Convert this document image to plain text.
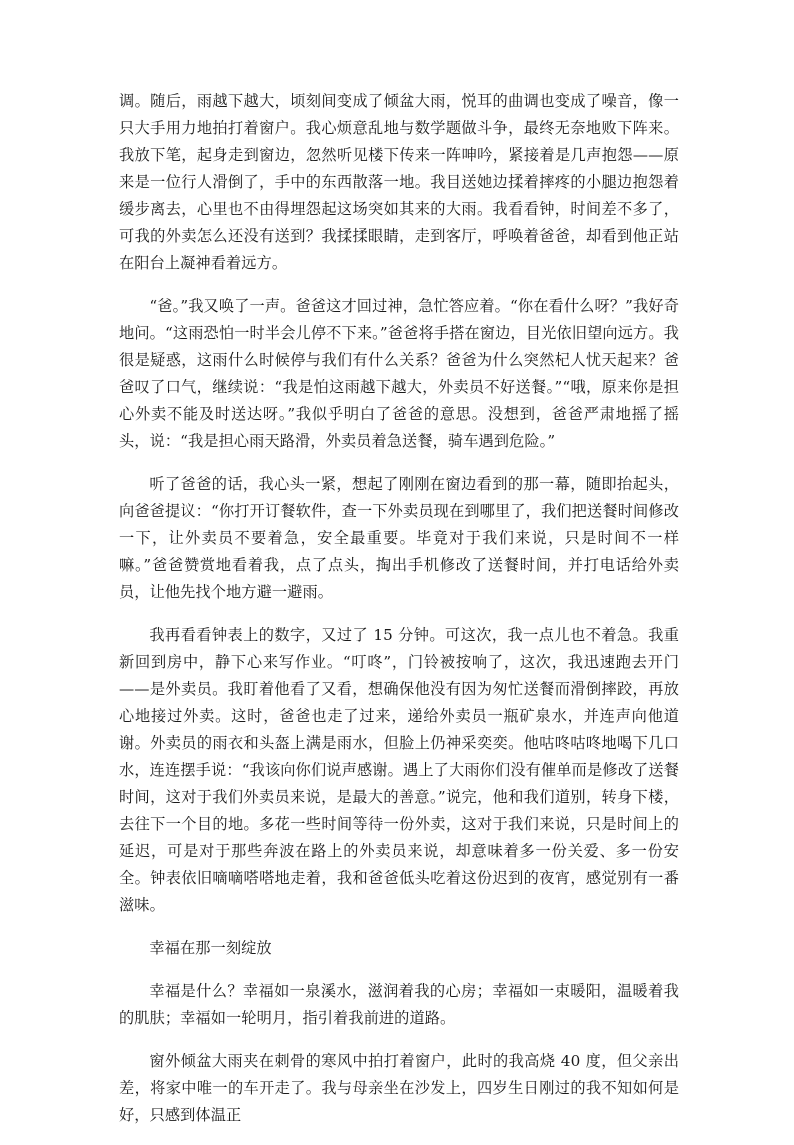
调。随后，雨越下越大，顷刻间变成了倾盆大雨，悦耳的曲调也变成了噪音，像一只大手用力地拍打着窗户。我心烦意乱地与数学题做斗争，最终无奈地败下阵来。我放下笔，起身走到窗边，忽然听见楼下传来一阵呻吟，紧接着是几声抱怨——原来是一位行人滑倒了，手中的东西散落一地。我目送她边揉着摔疼的小腿边抱怨着缓步离去，心里也不由得埋怨起这场突如其来的大雨。我看看钟，时间差不多了，可我的外卖怎么还没有送到？我揉揉眼睛，走到客厅，呼唤着爸爸，却看到他正站在阳台上凝神看着远方。

“爸。”我又唤了一声。爸爸这才回过神，急忙答应着。“你在看什么呀？”我好奇地问。“这雨恐怕一时半会儿停不下来。”爸爸将手搭在窗边，目光依旧望向远方。我很是疑惑，这雨什么时候停与我们有什么关系？爸爸为什么突然杞人忧天起来？爸爸叹了口气，继续说：“我是怕这雨越下越大，外卖员不好送餐。”“哦，原来你是担心外卖不能及时送达呀。”我似乎明白了爸爸的意思。没想到，爸爸严肃地摇了摇头，说：“我是担心雨天路滑，外卖员着急送餐，骑车遇到危险。”

听了爸爸的话，我心头一紧，想起了刚刚在窗边看到的那一幕，随即抬起头，向爸爸提议：“你打开订餐软件，查一下外卖员现在到哪里了，我们把送餐时间修改一下，让外卖员不要着急，安全最重要。毕竟对于我们来说，只是时间不一样嘛。”爸爸赞赏地看着我，点了点头，掏出手机修改了送餐时间，并打电话给外卖员，让他先找个地方避一避雨。

我再看看钟表上的数字，又过了 15 分钟。可这次，我一点儿也不着急。我重新回到房中，静下心来写作业。“叮咚”，门铃被按响了，这次，我迅速跑去开门——是外卖员。我盯着他看了又看，想确保他没有因为匆忙送餐而滑倒摔跤，再放心地接过外卖。这时，爸爸也走了过来，递给外卖员一瓶矿泉水，并连声向他道谢。外卖员的雨衣和头盔上满是雨水，但脸上仍神采奕奕。他咕咚咕咚地喝下几口水，连连摆手说：“我该向你们说声感谢。遇上了大雨你们没有催单而是修改了送餐时间，这对于我们外卖员来说，是最大的善意。”说完，他和我们道别，转身下楼，去往下一个目的地。多花一些时间等待一份外卖，这对于我们来说，只是时间上的延迟，可是对于那些奔波在路上的外卖员来说，却意味着多一份关爱、多一份安全。钟表依旧嘀嘀嗒嗒地走着，我和爸爸低头吃着这份迟到的夜宵，感觉别有一番滋味。

幸福在那一刻绽放

幸福是什么？幸福如一泉溪水，滋润着我的心房；幸福如一束暖阳，温暖着我的肌肤；幸福如一轮明月，指引着我前进的道路。

窗外倾盆大雨夹在刺骨的寒风中拍打着窗户，此时的我高烧 40 度，但父亲出差，将家中唯一的车开走了。我与母亲坐在沙发上，四岁生日刚过的我不知如何是好，只感到体温正
